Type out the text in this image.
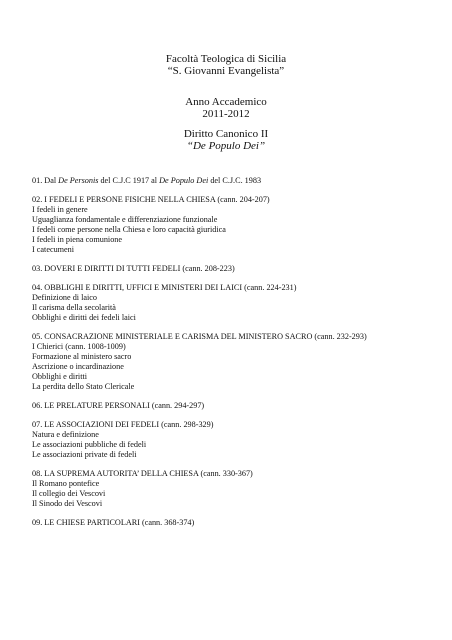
Facoltà Teologica di Sicilia
“S. Giovanni Evangelista”
Anno Accademico
2011-2012
Diritto Canonico II
“De Populo Dei”
01. Dal De Personis del C.J.C 1917 al De Populo Dei del C.J.C. 1983
02. I FEDELI E PERSONE FISICHE NELLA CHIESA (cann. 204-207)
I fedeli in genere
Uguaglianza fondamentale e differenziazione funzionale
I fedeli come persone nella Chiesa e loro capacità giuridica
I fedeli in piena comunione
I catecumeni
03. DOVERI E DIRITTI DI TUTTI FEDELI (cann. 208-223)
04. OBBLIGHI E DIRITTI, UFFICI E MINISTERI DEI LAICI (cann. 224-231)
Definizione di laico
Il carisma della secolarità
Obblighi e diritti dei fedeli laici
05. CONSACRAZIONE MINISTERIALE E CARISMA DEL MINISTERO SACRO (cann. 232-293)
I Chierici (cann. 1008-1009)
Formazione al ministero sacro
Ascrizione o incardinazione
Obblighi e diritti
La perdita dello Stato Clericale
06. LE PRELATURE PERSONALI (cann. 294-297)
07. LE ASSOCIAZIONI DEI FEDELI (cann. 298-329)
Natura e definizione
Le associazioni pubbliche di fedeli
Le associazioni private di fedeli
08. LA SUPREMA AUTORITA’ DELLA CHIESA (cann. 330-367)
Il Romano pontefice
Il collegio dei Vescovi
Il Sinodo dei Vescovi
09. LE CHIESE PARTICOLARI (cann. 368-374)
